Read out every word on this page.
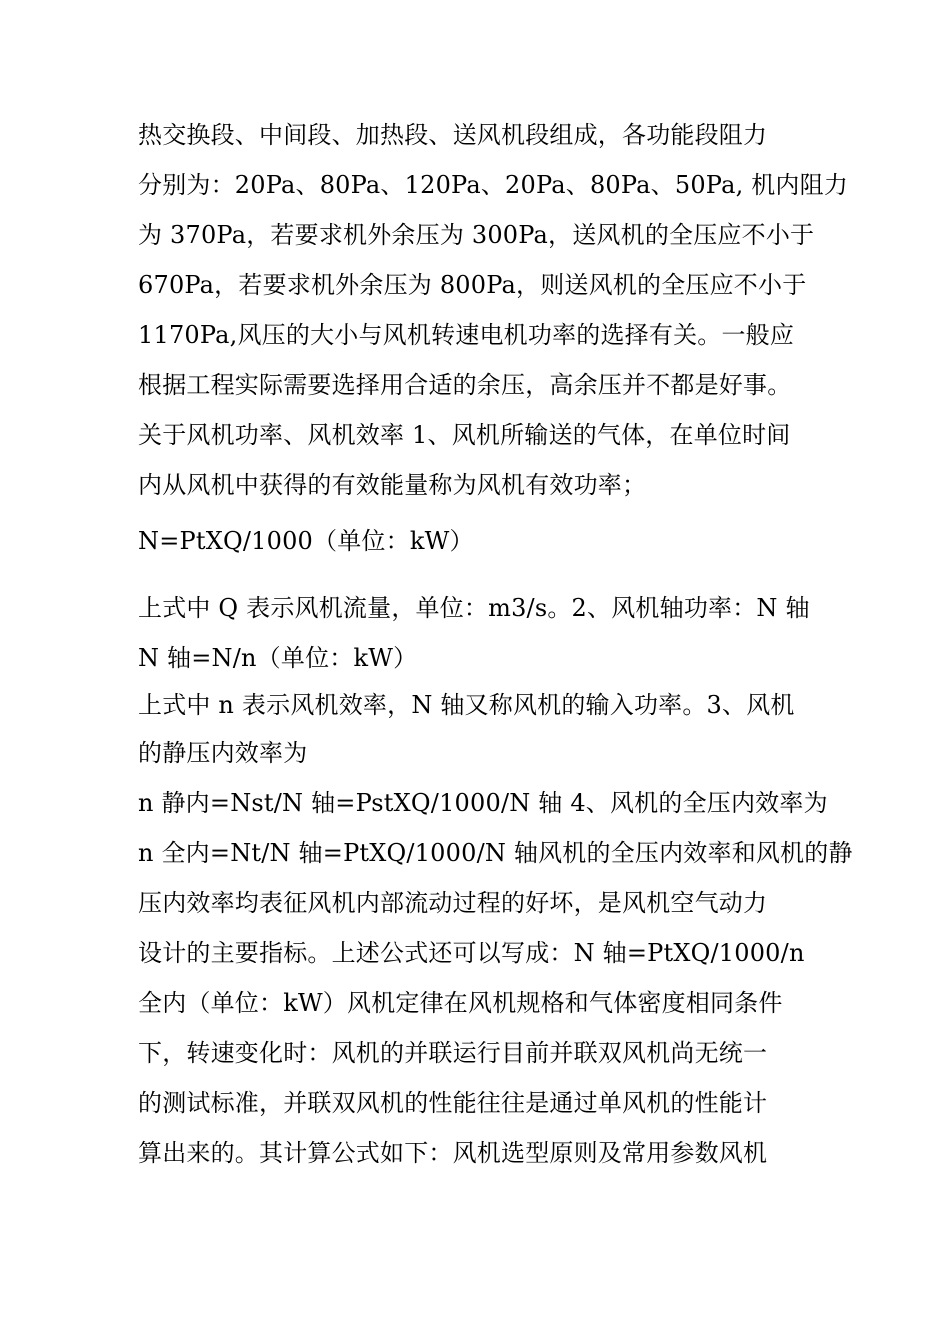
热交换段、中间段、加热段、送风机段组成，各功能段阻力
分别为：20Pa、80Pa、120Pa、20Pa、80Pa、50Pa, 机内阻力
为 370Pa，若要求机外余压为 300Pa，送风机的全压应不小于
670Pa，若要求机外余压为 800Pa，则送风机的全压应不小于
1170Pa,风压的大小与风机转速电机功率的选择有关。一般应
根据工程实际需要选择用合适的余压，高余压并不都是好事。
关于风机功率、风机效率 1、风机所输送的气体，在单位时间
内从风机中获得的有效能量称为风机有效功率；
N=PtXQ/1000（单位：kW）
上式中 Q 表示风机流量，单位：m3/s。2、风机轴功率：N 轴
N 轴=N/n（单位：kW）
上式中 n 表示风机效率，N 轴又称风机的输入功率。3、风机
的静压内效率为
n 静内=Nst/N 轴=PstXQ/1000/N 轴 4、风机的全压内效率为
n 全内=Nt/N 轴=PtXQ/1000/N 轴风机的全压内效率和风机的静
压内效率均表征风机内部流动过程的好坏，是风机空气动力
设计的主要指标。上述公式还可以写成：N 轴=PtXQ/1000/n
全内（单位：kW）风机定律在风机规格和气体密度相同条件
下，转速变化时：风机的并联运行目前并联双风机尚无统一
的测试标准，并联双风机的性能往往是通过单风机的性能计
算出来的。其计算公式如下：风机选型原则及常用参数风机
